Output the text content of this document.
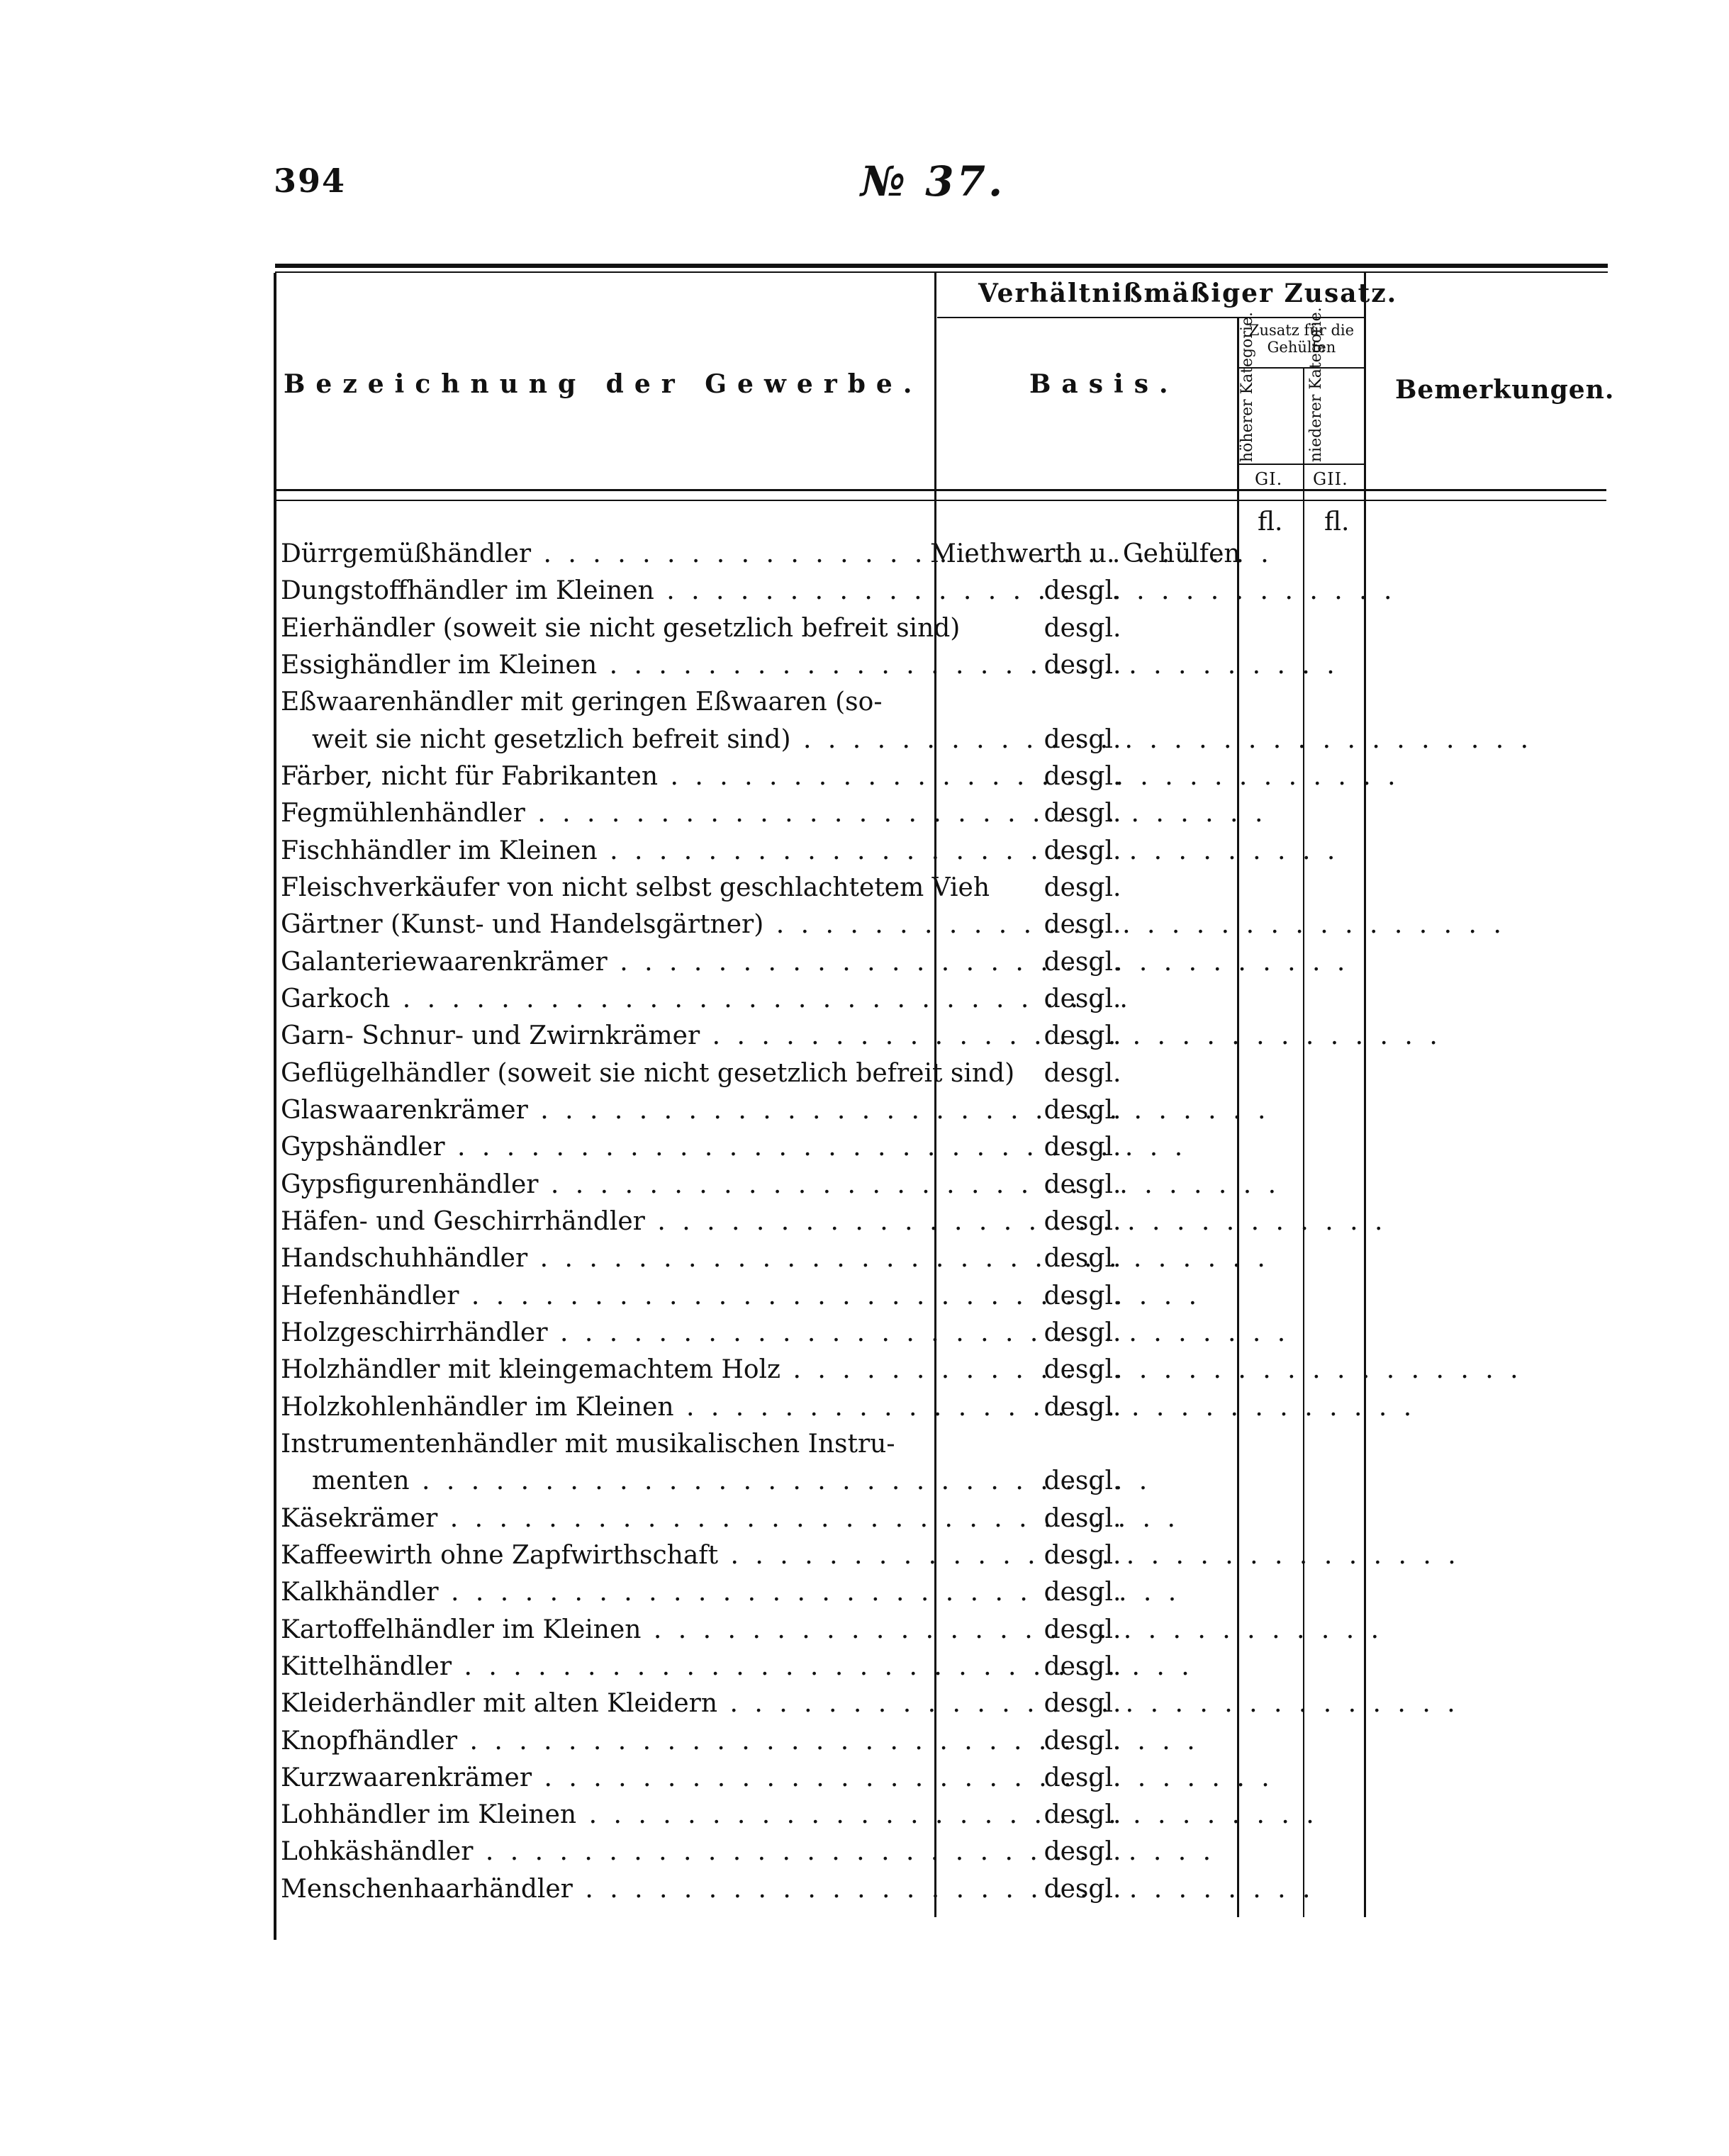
394	№ 37.
Bezeichnung der Gewerbe.
Verhältnißmäßiger Zusatz.
Basis.
Zusatz für die Gehülfen
höherer Kategorie.	niederer Kategorie.
GI. GII.
Bemerkungen.
fl. fl.
Dürrgemüßhändler . .	Miethwerth u. Gehülfen
Dungstoffhändler im Kleinen . .	desgl.
Eierhändler (soweit sie nicht gesetzlich befreit sind)	desgl.
Essighändler im Kleinen . .	desgl.
Eßwaarenhändler mit geringen Eßwaaren (so-
weit sie nicht gesetzlich befreit sind) . .	desgl.
Färber, nicht für Fabrikanten . .	desgl.
Fegmühlenhändler . .	desgl.
Fischhändler im Kleinen . .	desgl.
Fleischverkäufer von nicht selbst geschlachtetem Vieh	desgl.
Gärtner (Kunst- und Handelsgärtner) . .	desgl.
Galanteriewaarenkrämer . .	desgl.
Garkoch . .	desgl.
Garn- Schnur- und Zwirnkrämer . .	desgl.
Geflügelhändler (soweit sie nicht gesetzlich befreit sind)	desgl.
Glaswaarenkrämer . .	desgl.
Gypshändler . .	desgl.
Gypsfigurenhändler . .	desgl.
Häfen- und Geschirrhändler . .	desgl.
Handschuhhändler . .	desgl.
Hefenhändler . .	desgl.
Holzgeschirrhändler . .	desgl.
Holzhändler mit kleingemachtem Holz . .	desgl.
Holzkohlenhändler im Kleinen . .	desgl.
Instrumentenhändler mit musikalischen Instru-
menten . .	desgl.
Käsekrämer . .	desgl.
Kaffeewirth ohne Zapfwirthschaft . .	desgl.
Kalkhändler . .	desgl.
Kartoffelhändler im Kleinen . .	desgl.
Kittelhändler . .	desgl.
Kleiderhändler mit alten Kleidern . .	desgl.
Knopfhändler . .	desgl.
Kurzwaarenkrämer . .	desgl.
Lohhändler im Kleinen . .	desgl.
Lohkäshändler . .	desgl.
Menschenhaarhändler . .	desgl.
